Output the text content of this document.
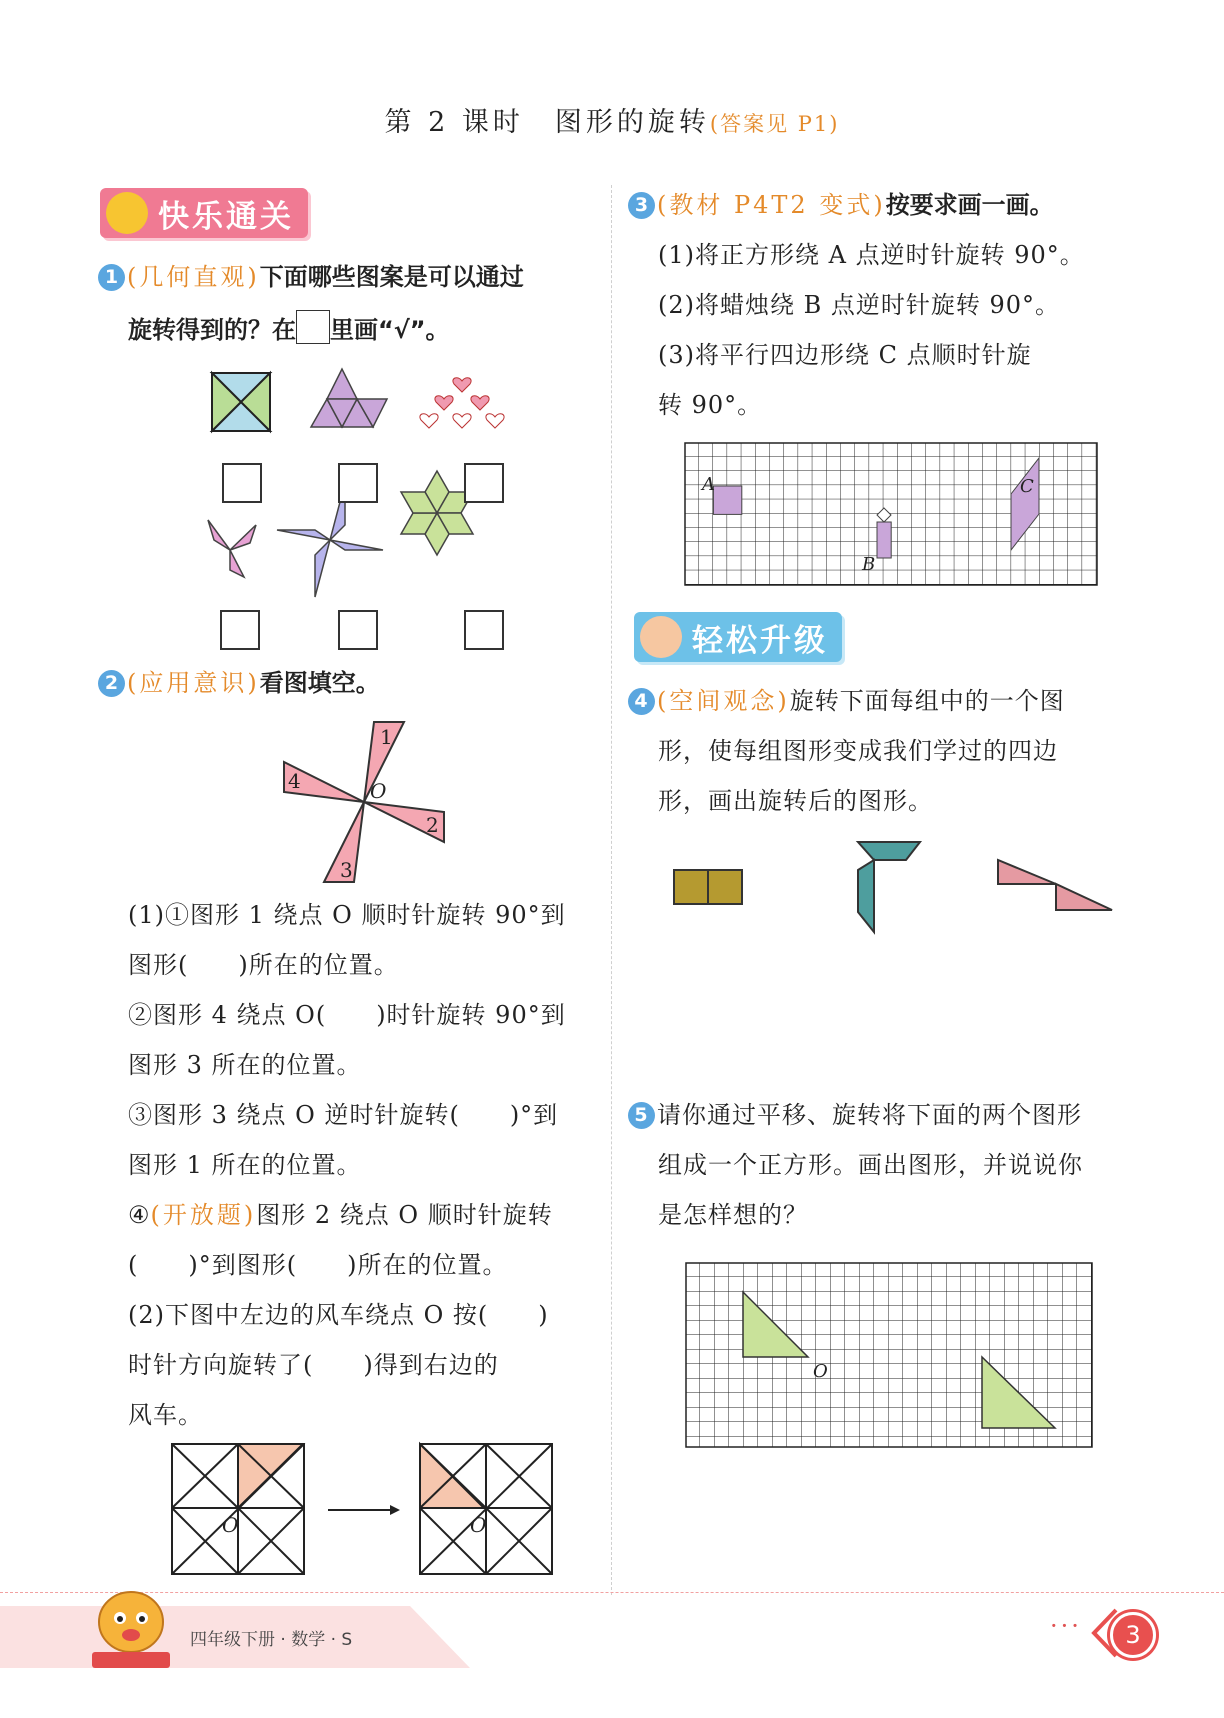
第 2 课时　图形的旋转(答案见 P1)
快乐通关
1 (几何直观)下面哪些图案是可以通过
旋转得到的？在 里画“√”。
2 (应用意识)看图填空。
1
2
3
4	O
(1)①图形 1 绕点 O 顺时针旋转 90°到
图形(　　)所在的位置。
②图形 4 绕点 O(　　)时针旋转 90°到
图形 3 所在的位置。
③图形 3 绕点 O 逆时针旋转(　　)°到
图形 1 所在的位置。
④(开放题)图形 2 绕点 O 顺时针旋转
(　　)°到图形(　　)所在的位置。
(2)下图中左边的风车绕点 O 按(　　)
时针方向旋转了(　　)得到右边的
风车。
O	O
3 (教材 P4T2 变式)按要求画一画。
(1)将正方形绕 A 点逆时针旋转 90°。
(2)将蜡烛绕 B 点逆时针旋转 90°。
(3)将平行四边形绕 C 点顺时针旋
转 90°。
A
B
C
轻松升级
4 (空间观念)旋转下面每组中的一个图
形，使每组图形变成我们学过的四边
形，画出旋转后的图形。
5 请你通过平移、旋转将下面的两个图形
组成一个正方形。画出图形，并说说你
是怎样想的？
O
四年级下册 · 数学 · S	···	3
